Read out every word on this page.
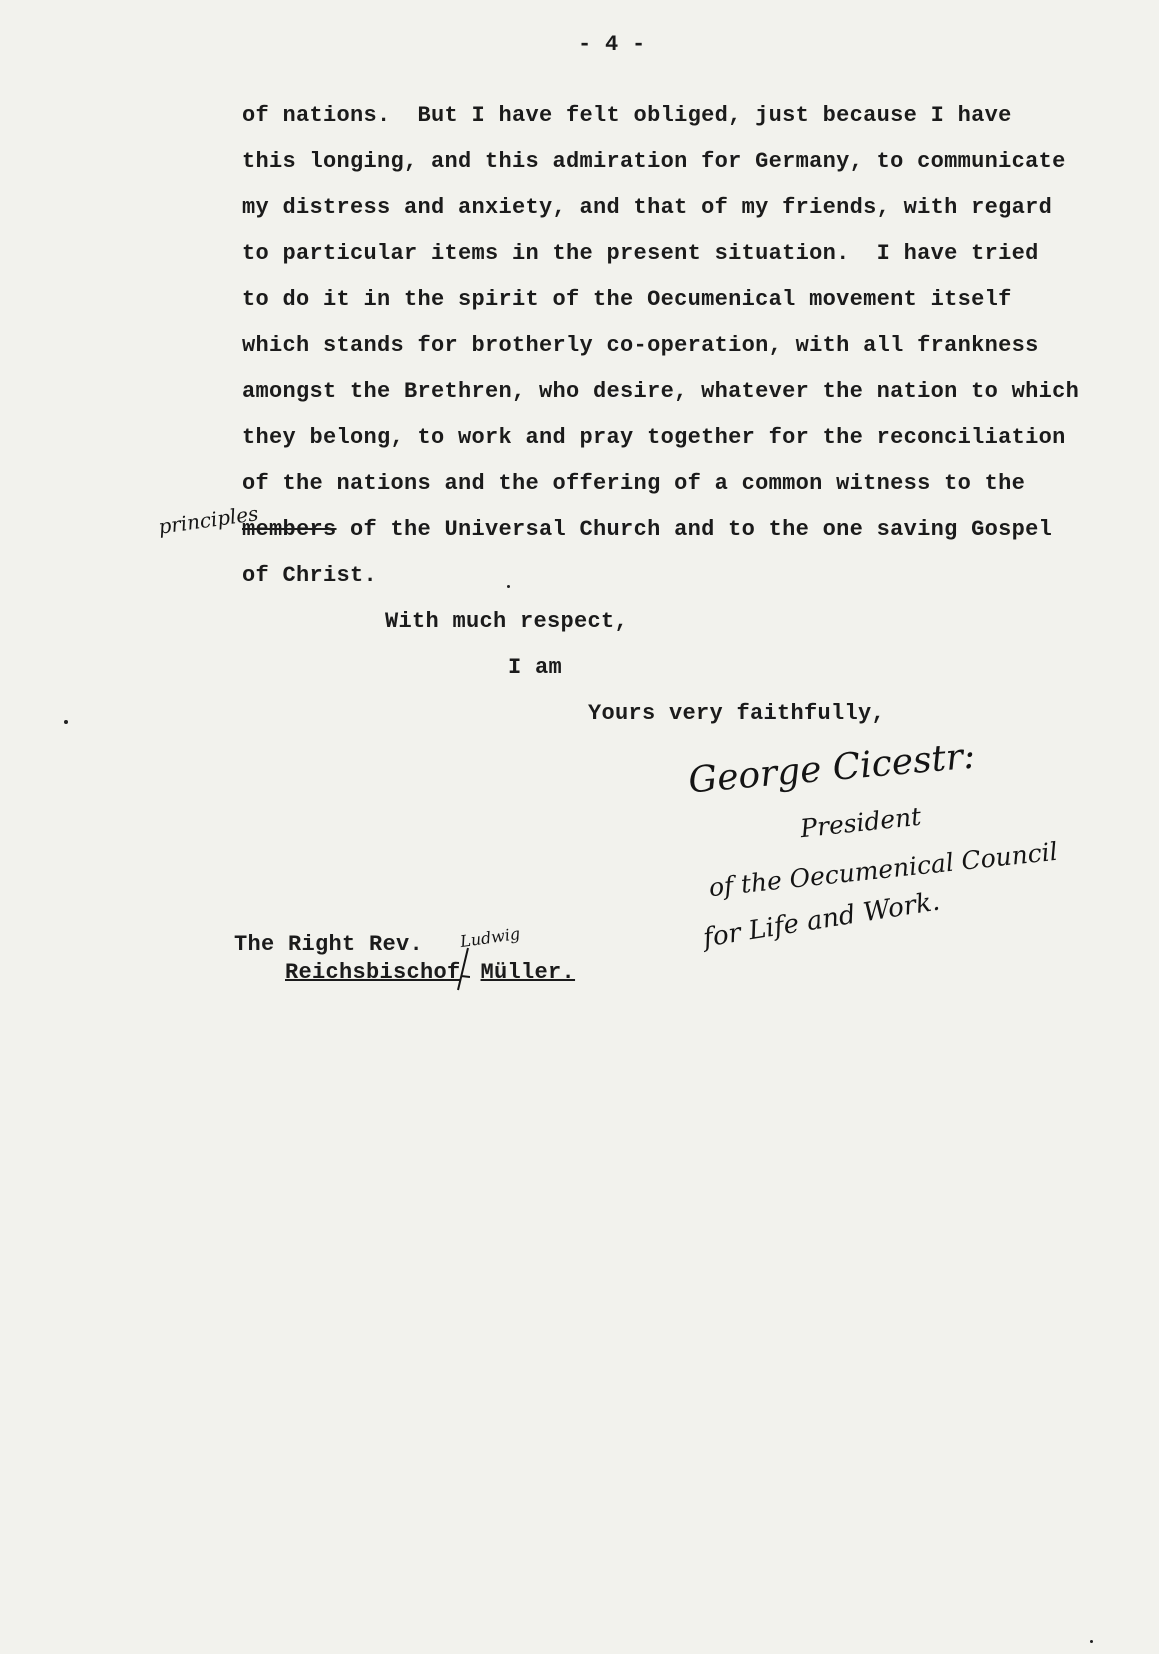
- 4 -
of nations.  But I have felt obliged, just because I have
this longing, and this admiration for Germany, to communicate
my distress and anxiety, and that of my friends, with regard
to particular items in the present situation.  I have tried
to do it in the spirit of the Oecumenical movement itself
which stands for brotherly co-operation, with all frankness
amongst the Brethren, who desire, whatever the nation to which
they belong, to work and pray together for the reconciliation
of the nations and the offering of a common witness to the
members of the Universal Church and to the one saving Gospel
principles
of Christ.
With much respect,
I am
Yours very faithfully,
George Cicestr:
President
of the Oecumenical Council
for Life and Work.
The Right Rev. Ludwig
Reichsbischof Müller.
